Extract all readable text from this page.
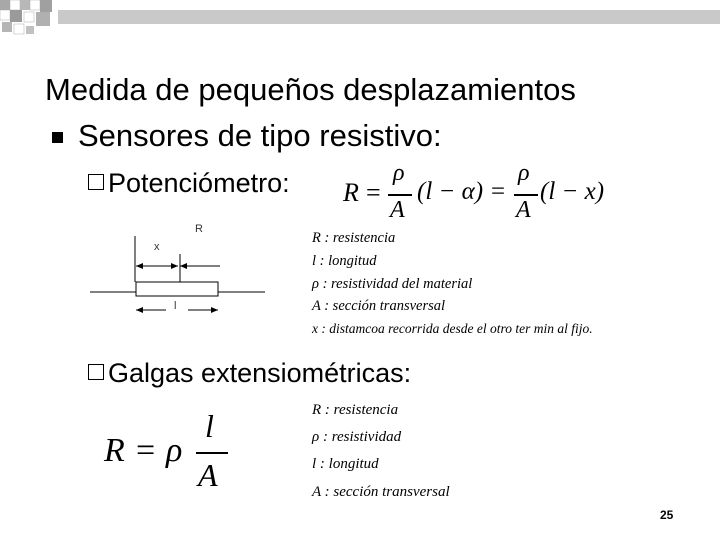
Medida de pequeños desplazamientos
Sensores de tipo resistivo:
Potenciómetro: R =
ρ
A
(l − α) =
ρ
A
(l − x)
R
x
l
R : resistencia
l : longitud
ρ : resistividad del material
A : sección transversal
x : distamcoa recorrida desde el otro ter min al fijo.
Galgas extensiométricas:
R = ρ
l
A
R : resistencia
ρ : resistividad
l : longitud
A : sección transversal
25
